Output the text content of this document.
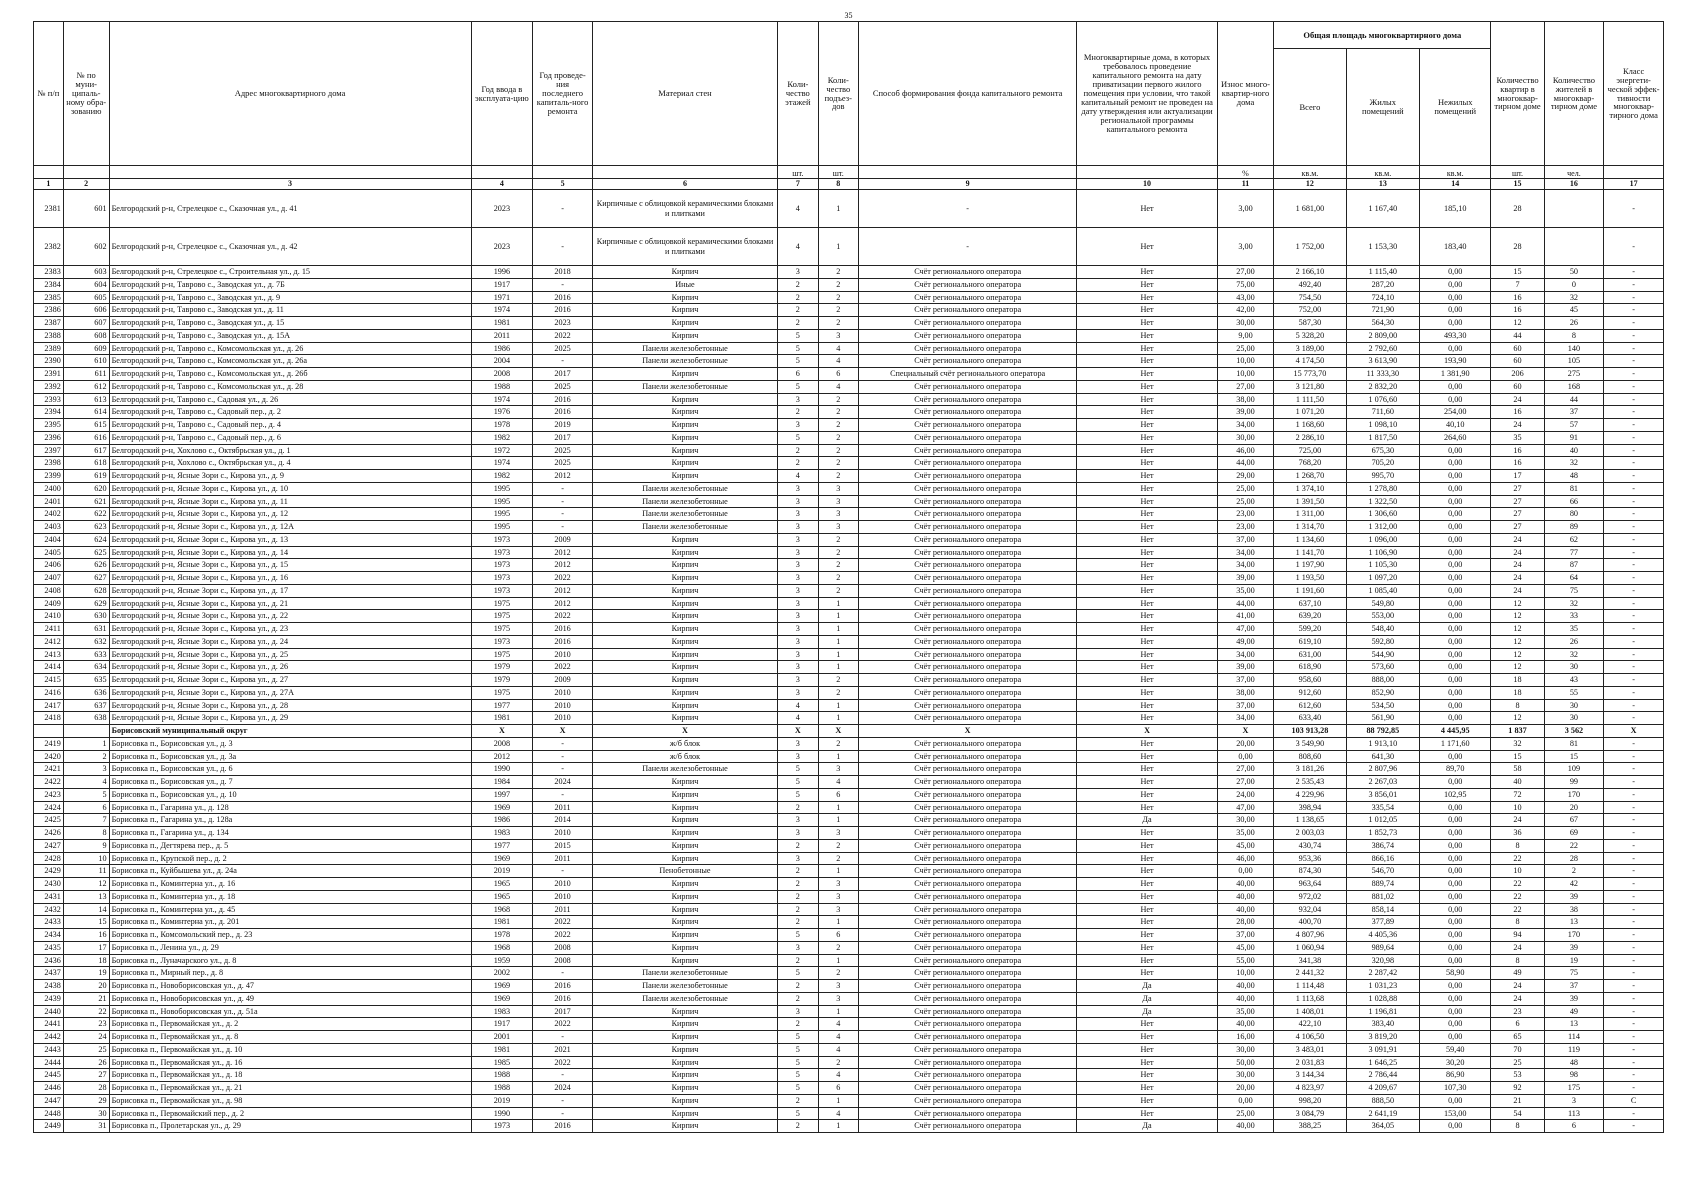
35
№ п/п	№ по муни-ципаль-ному обра-зованию	Адрес многоквартирного дома	Год ввода в эксплуата-цию	Год проведе-ния последнего капиталь-ного ремонта	Материал стен	Коли-чество этажей	Коли-чество подъез-дов	Способ формирования фонда капитального ремонта	Многоквартирные дома, в которых требовалось проведение капитального ремонта на дату приватизации первого жилого помещения при условии, что такой капитальный ремонт не проведен на дату утверждения или актуализации региональной программы капитального ремонта	Износ много-квартир-ного дома	Общая площадь многоквартирного дома			Количество квартир в многоквар-тирном доме	Количество жителей в многоквар-тирном доме	Класс энергети-ческой эффек-тивности многоквар-тирного дома
											Всего	Жилых помещений	Нежилых помещений			
						шт.	шт.			%	кв.м.	кв.м.	кв.м.	шт.	чел.	
1	2	3	4	5	6	7	8	9	10	11	12	13	14	15	16	17
2381	601	Белгородский р-н, Стрелецкое с., Сказочная ул., д. 41	2023	-	Кирпичные с облицовкой керамическими блоками и плитками	4	1	-	Нет	3,00	1 681,00	1 167,40	185,10	28		-
2382	602	Белгородский р-н, Стрелецкое с., Сказочная ул., д. 42	2023	-	Кирпичные с облицовкой керамическими блоками и плитками	4	1	-	Нет	3,00	1 752,00	1 153,30	183,40	28		-
2383	603	Белгородский р-н, Стрелецкое с., Строительная ул., д. 15	1996	2018	Кирпич	3	2	Счёт регионального оператора	Нет	27,00	2 166,10	1 115,40	0,00	15	50	-
2384	604	Белгородский р-н, Таврово с., Заводская ул., д. 7Б	1917	-	Иные	2	2	Счёт регионального оператора	Нет	75,00	492,40	287,20	0,00	7	0	-
2385	605	Белгородский р-н, Таврово с., Заводская ул., д. 9	1971	2016	Кирпич	2	2	Счёт регионального оператора	Нет	43,00	754,50	724,10	0,00	16	32	-
2386	606	Белгородский р-н, Таврово с., Заводская ул., д. 11	1974	2016	Кирпич	2	2	Счёт регионального оператора	Нет	42,00	752,00	721,90	0,00	16	45	-
2387	607	Белгородский р-н, Таврово с., Заводская ул., д. 15	1981	2023	Кирпич	2	2	Счёт регионального оператора	Нет	30,00	587,30	564,30	0,00	12	26	-
2388	608	Белгородский р-н, Таврово с., Заводская ул., д. 15А	2011	2022	Кирпич	5	3	Счёт регионального оператора	Нет	9,00	5 328,20	2 809,00	493,30	44	8	-
2389	609	Белгородский р-н, Таврово с., Комсомольская ул., д. 26	1986	2025	Панели железобетонные	5	4	Счёт регионального оператора	Нет	25,00	3 189,00	2 792,60	0,00	60	140	-
2390	610	Белгородский р-н, Таврово с., Комсомольская ул., д. 26а	2004	-	Панели железобетонные	5	4	Счёт регионального оператора	Нет	10,00	4 174,50	3 613,90	193,90	60	105	-
2391	611	Белгородский р-н, Таврово с., Комсомольская ул., д. 26б	2008	2017	Кирпич	6	6	Специальный счёт регионального оператора	Нет	10,00	15 773,70	11 333,30	1 381,90	206	275	-
2392	612	Белгородский р-н, Таврово с., Комсомольская ул., д. 28	1988	2025	Панели железобетонные	5	4	Счёт регионального оператора	Нет	27,00	3 121,80	2 832,20	0,00	60	168	-
2393	613	Белгородский р-н, Таврово с., Садовая ул., д. 26	1974	2016	Кирпич	3	2	Счёт регионального оператора	Нет	38,00	1 111,50	1 076,60	0,00	24	44	-
2394	614	Белгородский р-н, Таврово с., Садовый пер., д. 2	1976	2016	Кирпич	2	2	Счёт регионального оператора	Нет	39,00	1 071,20	711,60	254,00	16	37	-
2395	615	Белгородский р-н, Таврово с., Садовый пер., д. 4	1978	2019	Кирпич	3	2	Счёт регионального оператора	Нет	34,00	1 168,60	1 098,10	40,10	24	57	-
2396	616	Белгородский р-н, Таврово с., Садовый пер., д. 6	1982	2017	Кирпич	5	2	Счёт регионального оператора	Нет	30,00	2 286,10	1 817,50	264,60	35	91	-
2397	617	Белгородский р-н, Хохлово с., Октябрьская ул., д. 1	1972	2025	Кирпич	2	2	Счёт регионального оператора	Нет	46,00	725,00	675,30	0,00	16	40	-
2398	618	Белгородский р-н, Хохлово с., Октябрьская ул., д. 4	1974	2025	Кирпич	2	2	Счёт регионального оператора	Нет	44,00	768,20	705,20	0,00	16	32	-
2399	619	Белгородский р-н, Ясные Зори с., Кирова ул., д. 9	1982	2012	Кирпич	4	2	Счёт регионального оператора	Нет	29,00	1 268,70	995,70	0,00	17	48	-
2400	620	Белгородский р-н, Ясные Зори с., Кирова ул., д. 10	1995	-	Панели железобетонные	3	3	Счёт регионального оператора	Нет	25,00	1 374,10	1 278,80	0,00	27	81	-
2401	621	Белгородский р-н, Ясные Зори с., Кирова ул., д. 11	1995	-	Панели железобетонные	3	3	Счёт регионального оператора	Нет	25,00	1 391,50	1 322,50	0,00	27	66	-
2402	622	Белгородский р-н, Ясные Зори с., Кирова ул., д. 12	1995	-	Панели железобетонные	3	3	Счёт регионального оператора	Нет	23,00	1 311,00	1 306,60	0,00	27	80	-
2403	623	Белгородский р-н, Ясные Зори с., Кирова ул., д. 12А	1995	-	Панели железобетонные	3	3	Счёт регионального оператора	Нет	23,00	1 314,70	1 312,00	0,00	27	89	-
2404	624	Белгородский р-н, Ясные Зори с., Кирова ул., д. 13	1973	2009	Кирпич	3	2	Счёт регионального оператора	Нет	37,00	1 134,60	1 096,00	0,00	24	62	-
2405	625	Белгородский р-н, Ясные Зори с., Кирова ул., д. 14	1973	2012	Кирпич	3	2	Счёт регионального оператора	Нет	34,00	1 141,70	1 106,90	0,00	24	77	-
2406	626	Белгородский р-н, Ясные Зори с., Кирова ул., д. 15	1973	2012	Кирпич	3	2	Счёт регионального оператора	Нет	34,00	1 197,90	1 105,30	0,00	24	87	-
2407	627	Белгородский р-н, Ясные Зори с., Кирова ул., д. 16	1973	2022	Кирпич	3	2	Счёт регионального оператора	Нет	39,00	1 193,50	1 097,20	0,00	24	64	-
2408	628	Белгородский р-н, Ясные Зори с., Кирова ул., д. 17	1973	2012	Кирпич	3	2	Счёт регионального оператора	Нет	35,00	1 191,60	1 085,40	0,00	24	75	-
2409	629	Белгородский р-н, Ясные Зори с., Кирова ул., д. 21	1975	2012	Кирпич	3	1	Счёт регионального оператора	Нет	44,00	637,10	549,80	0,00	12	32	-
2410	630	Белгородский р-н, Ясные Зори с., Кирова ул., д. 22	1975	2022	Кирпич	3	1	Счёт регионального оператора	Нет	41,00	639,20	553,00	0,00	12	33	-
2411	631	Белгородский р-н, Ясные Зори с., Кирова ул., д. 23	1975	2016	Кирпич	3	1	Счёт регионального оператора	Нет	47,00	599,20	548,40	0,00	12	35	-
2412	632	Белгородский р-н, Ясные Зори с., Кирова ул., д. 24	1973	2016	Кирпич	3	1	Счёт регионального оператора	Нет	49,00	619,10	592,80	0,00	12	26	-
2413	633	Белгородский р-н, Ясные Зори с., Кирова ул., д. 25	1975	2010	Кирпич	3	1	Счёт регионального оператора	Нет	34,00	631,00	544,90	0,00	12	32	-
2414	634	Белгородский р-н, Ясные Зори с., Кирова ул., д. 26	1979	2022	Кирпич	3	1	Счёт регионального оператора	Нет	39,00	618,90	573,60	0,00	12	30	-
2415	635	Белгородский р-н, Ясные Зори с., Кирова ул., д. 27	1979	2009	Кирпич	3	2	Счёт регионального оператора	Нет	37,00	958,60	888,00	0,00	18	43	-
2416	636	Белгородский р-н, Ясные Зори с., Кирова ул., д. 27А	1975	2010	Кирпич	3	2	Счёт регионального оператора	Нет	38,00	912,60	852,90	0,00	18	55	-
2417	637	Белгородский р-н, Ясные Зори с., Кирова ул., д. 28	1977	2010	Кирпич	4	1	Счёт регионального оператора	Нет	37,00	612,60	534,50	0,00	8	30	-
2418	638	Белгородский р-н, Ясные Зори с., Кирова ул., д. 29	1981	2010	Кирпич	4	1	Счёт регионального оператора	Нет	34,00	633,40	561,90	0,00	12	30	-
		Борисовский муниципальный округ	X	X	X	X	X	X	X	X	103 913,28	88 792,85	4 445,95	1 837	3 562	X
2419	1	Борисовка п., Борисовская ул., д. 3	2008	-	ж/б блок	3	2	Счёт регионального оператора	Нет	20,00	3 549,90	1 913,10	1 171,60	32	81	-
2420	2	Борисовка п., Борисовская ул., д. 3а	2012	-	ж/б блок	3	1	Счёт регионального оператора	Нет	0,00	808,60	641,30	0,00	15	15	-
2421	3	Борисовка п., Борисовская ул., д. 6	1990	-	Панели железобетонные	5	3	Счёт регионального оператора	Нет	27,00	3 181,26	2 807,96	89,70	58	109	-
2422	4	Борисовка п., Борисовская ул., д. 7	1984	2024	Кирпич	5	4	Счёт регионального оператора	Нет	27,00	2 535,43	2 267,03	0,00	40	99	-
2423	5	Борисовка п., Борисовская ул., д. 10	1997	-	Кирпич	5	6	Счёт регионального оператора	Нет	24,00	4 229,96	3 856,01	102,95	72	170	-
2424	6	Борисовка п., Гагарина ул., д. 128	1969	2011	Кирпич	2	1	Счёт регионального оператора	Нет	47,00	398,94	335,54	0,00	10	20	-
2425	7	Борисовка п., Гагарина ул., д. 128а	1986	2014	Кирпич	3	1	Счёт регионального оператора	Да	30,00	1 138,65	1 012,05	0,00	24	67	-
2426	8	Борисовка п., Гагарина ул., д. 134	1983	2010	Кирпич	3	3	Счёт регионального оператора	Нет	35,00	2 003,03	1 852,73	0,00	36	69	-
2427	9	Борисовка п., Дегтярева пер., д. 5	1977	2015	Кирпич	2	2	Счёт регионального оператора	Нет	45,00	430,74	386,74	0,00	8	22	-
2428	10	Борисовка п., Крупской пер., д. 2	1969	2011	Кирпич	3	2	Счёт регионального оператора	Нет	46,00	953,36	866,16	0,00	22	28	-
2429	11	Борисовка п., Куйбышева ул., д. 24а	2019	-	Пенобетонные	2	1	Счёт регионального оператора	Нет	0,00	874,30	546,70	0,00	10	2	-
2430	12	Борисовка п., Коминтерна ул., д. 16	1965	2010	Кирпич	2	3	Счёт регионального оператора	Нет	40,00	963,64	889,74	0,00	22	42	-
2431	13	Борисовка п., Коминтерна ул., д. 18	1965	2010	Кирпич	2	3	Счёт регионального оператора	Нет	40,00	972,02	881,02	0,00	22	39	-
2432	14	Борисовка п., Коминтерна ул., д. 45	1968	2011	Кирпич	2	3	Счёт регионального оператора	Нет	40,00	932,04	858,14	0,00	22	38	-
2433	15	Борисовка п., Коминтерна ул., д. 201	1981	2022	Кирпич	2	1	Счёт регионального оператора	Нет	28,00	400,70	377,89	0,00	8	13	-
2434	16	Борисовка п., Комсомольский пер., д. 23	1978	2022	Кирпич	5	6	Счёт регионального оператора	Нет	37,00	4 807,96	4 405,36	0,00	94	170	-
2435	17	Борисовка п., Ленина ул., д. 29	1968	2008	Кирпич	3	2	Счёт регионального оператора	Нет	45,00	1 060,94	989,64	0,00	24	39	-
2436	18	Борисовка п., Луначарского ул., д. 8	1959	2008	Кирпич	2	1	Счёт регионального оператора	Нет	55,00	341,38	320,98	0,00	8	19	-
2437	19	Борисовка п., Мирный пер., д. 8	2002	-	Панели железобетонные	5	2	Счёт регионального оператора	Нет	10,00	2 441,32	2 287,42	58,90	49	75	-
2438	20	Борисовка п., Новоборисовская ул., д. 47	1969	2016	Панели железобетонные	2	3	Счёт регионального оператора	Да	40,00	1 114,48	1 031,23	0,00	24	37	-
2439	21	Борисовка п., Новоборисовская ул., д. 49	1969	2016	Панели железобетонные	2	3	Счёт регионального оператора	Да	40,00	1 113,68	1 028,88	0,00	24	39	-
2440	22	Борисовка п., Новоборисовская ул., д. 51а	1983	2017	Кирпич	3	1	Счёт регионального оператора	Да	35,00	1 408,01	1 196,81	0,00	23	49	-
2441	23	Борисовка п., Первомайская ул., д. 2	1917	2022	Кирпич	2	4	Счёт регионального оператора	Нет	40,00	422,10	383,40	0,00	6	13	-
2442	24	Борисовка п., Первомайская ул., д. 8	2001	-	Кирпич	5	4	Счёт регионального оператора	Нет	16,00	4 106,50	3 819,20	0,00	65	114	-
2443	25	Борисовка п., Первомайская ул., д. 10	1981	2021	Кирпич	5	4	Счёт регионального оператора	Нет	30,00	3 483,01	3 091,91	59,40	70	119	-
2444	26	Борисовка п., Первомайская ул., д. 16	1985	2022	Кирпич	5	2	Счёт регионального оператора	Нет	50,00	2 031,83	1 646,25	30,20	25	48	-
2445	27	Борисовка п., Первомайская ул., д. 18	1988	-	Кирпич	5	4	Счёт регионального оператора	Нет	30,00	3 144,34	2 786,44	86,90	53	98	-
2446	28	Борисовка п., Первомайская ул., д. 21	1988	2024	Кирпич	5	6	Счёт регионального оператора	Нет	20,00	4 823,97	4 209,67	107,30	92	175	-
2447	29	Борисовка п., Первомайская ул., д. 98	2019	-	Кирпич	2	1	Счёт регионального оператора	Нет	0,00	998,20	888,50	0,00	21	3	С
2448	30	Борисовка п., Первомайский пер., д. 2	1990	-	Кирпич	5	4	Счёт регионального оператора	Нет	25,00	3 084,79	2 641,19	153,00	54	113	-
2449	31	Борисовка п., Пролетарская ул., д. 29	1973	2016	Кирпич	2	1	Счёт регионального оператора	Да	40,00	388,25	364,05	0,00	8	6	-
